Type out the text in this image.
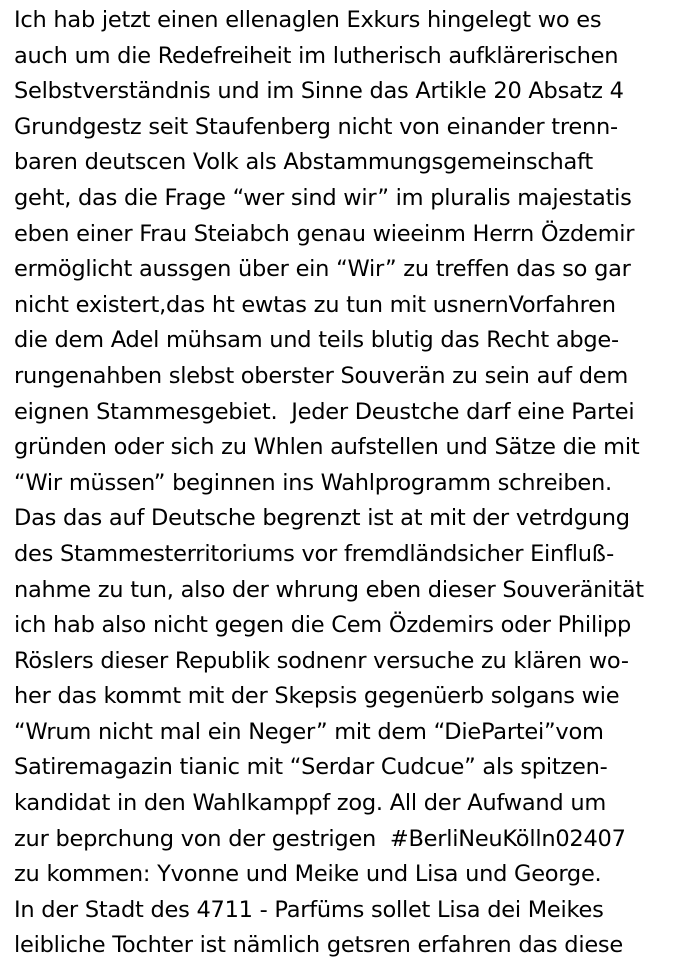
Ich hab jetzt einen ellenaglen Exkurs hingelegt wo es
auch um die Redefreiheit im lutherisch aufklärerischen
Selbstverständnis und im Sinne das Artikle 20 Absatz 4
Grundgestz seit Staufenberg nicht von einander trenn-
baren deutscen Volk als Abstammungsgemeinschaft
geht, das die Frage “wer sind wir” im pluralis majestatis
eben einer Frau Steiabch genau wieeinm Herrn Özdemir
ermöglicht aussgen über ein “Wir” zu treffen das so gar
nicht existert,das ht ewtas zu tun mit usnernVorfahren
die dem Adel mühsam und teils blutig das Recht abge-
rungenahben slebst oberster Souverän zu sein auf dem
eignen Stammesgebiet.  Jeder Deustche darf eine Partei
gründen oder sich zu Whlen aufstellen und Sätze die mit
“Wir müssen” beginnen ins Wahlprogramm schreiben.
Das das auf Deutsche begrenzt ist at mit der vetrdgung
des Stammesterritoriums vor fremdländsicher Einfluß-
nahme zu tun, also der whrung eben dieser Souveränität
ich hab also nicht gegen die Cem Özdemirs oder Philipp
Röslers dieser Republik sodnenr versuche zu klären wo-
her das kommt mit der Skepsis gegenüerb solgans wie
“Wrum nicht mal ein Neger” mit dem “DiePartei”vom
Satiremagazin tianic mit “Serdar Cudcue” als spitzen-
kandidat in den Wahlkamppf zog. All der Aufwand um
zur beprchung von der gestrigen  #BerliNeuKölln02407
zu kommen: Yvonne und Meike und Lisa und George.
In der Stadt des 4711 - Parfüms sollet Lisa dei Meikes
leibliche Tochter ist nämlich getsren erfahren das diese
